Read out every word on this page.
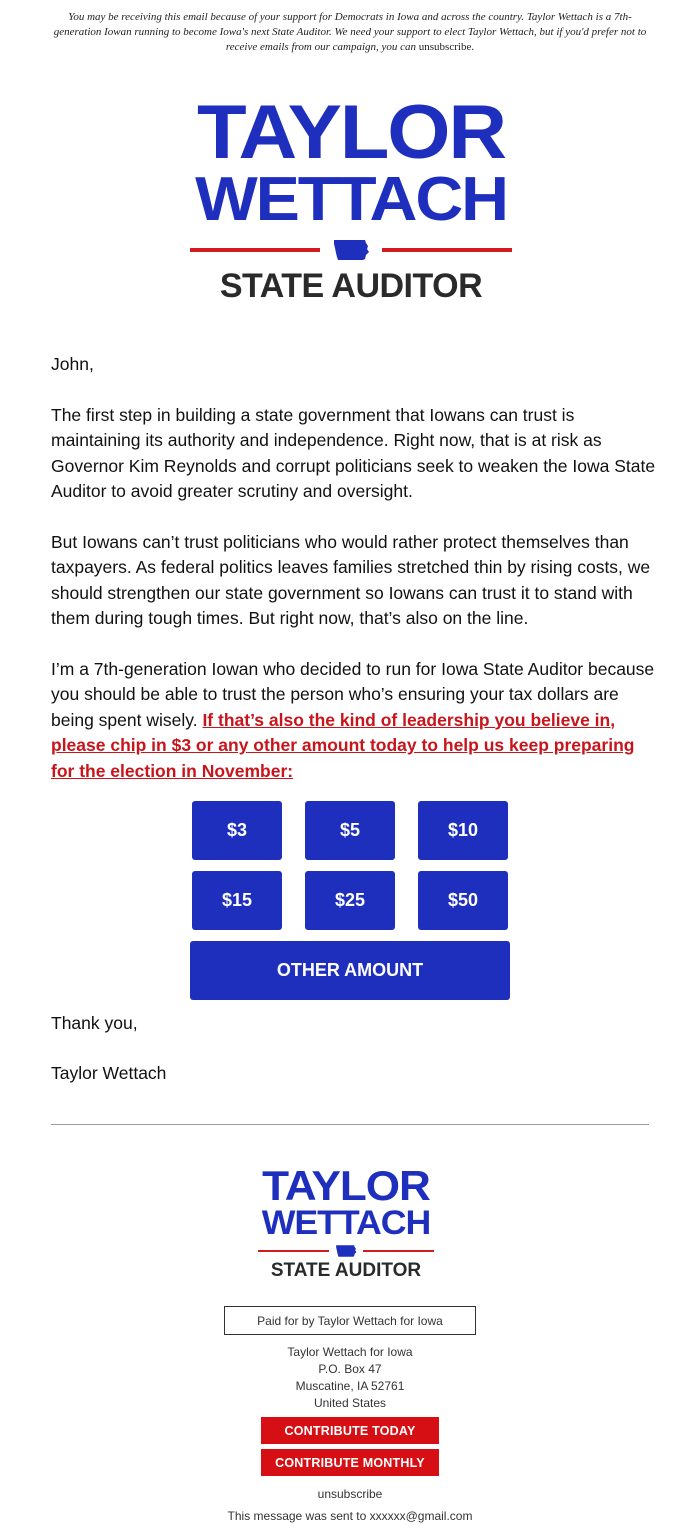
You may be receiving this email because of your support for Democrats in Iowa and across the country. Taylor Wettach is a 7th-generation Iowan running to become Iowa's next State Auditor. We need your support to elect Taylor Wettach, but if you'd prefer not to receive emails from our campaign, you can unsubscribe.
TAYLOR
WETTACH
STATE AUDITOR

John,

The first step in building a state government that Iowans can trust is maintaining its authority and independence. Right now, that is at risk as Governor Kim Reynolds and corrupt politicians seek to weaken the Iowa State Auditor to avoid greater scrutiny and oversight.

But Iowans can’t trust politicians who would rather protect themselves than taxpayers. As federal politics leaves families stretched thin by rising costs, we should strengthen our state government so Iowans can trust it to stand with them during tough times. But right now, that’s also on the line.

I’m a 7th-generation Iowan who decided to run for Iowa State Auditor because you should be able to trust the person who’s ensuring your tax dollars are being spent wisely. If that’s also the kind of leadership you believe in, please chip in $3 or any other amount today to help us keep preparing for the election in November:

$3	$5	$10
$15	$25	$50
OTHER AMOUNT
Thank you,
Taylor Wettach
TAYLOR
WETTACH
STATE AUDITOR
Paid for by Taylor Wettach for Iowa
Taylor Wettach for Iowa
P.O. Box 47
Muscatine, IA 52761
United States
CONTRIBUTE TODAY
CONTRIBUTE MONTHLY
unsubscribe
This message was sent to xxxxxx@gmail.com
